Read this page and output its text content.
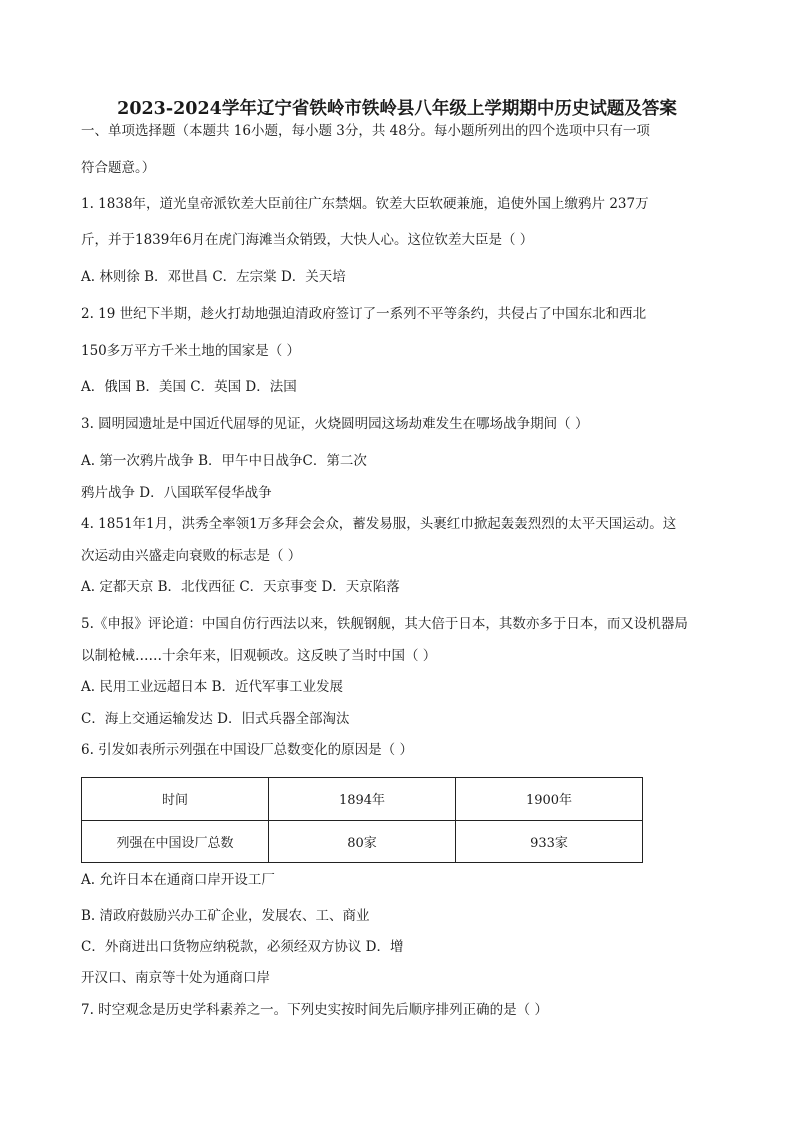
2023-2024学年辽宁省铁岭市铁岭县八年级上学期期中历史试题及答案
一、单项选择题（本题共 16小题，每小题 3分，共 48分。每小题所列出的四个选项中只有一项
符合题意。）
1. 1838年，道光皇帝派钦差大臣前往广东禁烟。钦差大臣软硬兼施，追使外国上缴鸦片 237万
斤，并于1839年6月在虎门海滩当众销毁，大快人心。这位钦差大臣是（ ）
A. 林则徐 B．邓世昌 C．左宗棠 D．关天培
2. 19 世纪下半期，趁火打劫地强迫清政府签订了一系列不平等条约，共侵占了中国东北和西北
150多万平方千米土地的国家是（ ）
A．俄国 B．美国 C．英国 D．法国
3. 圆明园遗址是中国近代屈辱的见证，火烧圆明园这场劫难发生在哪场战争期间（ ）
A. 第一次鸦片战争 B．甲午中日战争C．第二次
鸦片战争 D．八国联军侵华战争
4. 1851年1月，洪秀全率领1万多拜会会众，蓄发易服，头裹红巾掀起轰轰烈烈的太平天国运动。这
次运动由兴盛走向衰败的标志是（ ）
A. 定都天京 B．北伐西征 C．天京事变 D．天京陷落
5.《申报》评论道：中国自仿行西法以来，铁舰钢舰，其大倍于日本，其数亦多于日本，而又设机器局
以制枪械……十余年来，旧观顿改。这反映了当时中国（ ）
A. 民用工业远超日本 B．近代军事工业发展
C．海上交通运输发达 D．旧式兵器全部淘汰
6. 引发如表所示列强在中国设厂总数变化的原因是（ ）
时间	1894年	1900年
列强在中国设厂总数	80家	933家
A. 允许日本在通商口岸开设工厂
B. 清政府鼓励兴办工矿企业，发展农、工、商业
C．外商进出口货物应纳税款，必须经双方协议 D．增
开汉口、南京等十处为通商口岸
7. 时空观念是历史学科素养之一。下列史实按时间先后顺序排列正确的是（ ）
